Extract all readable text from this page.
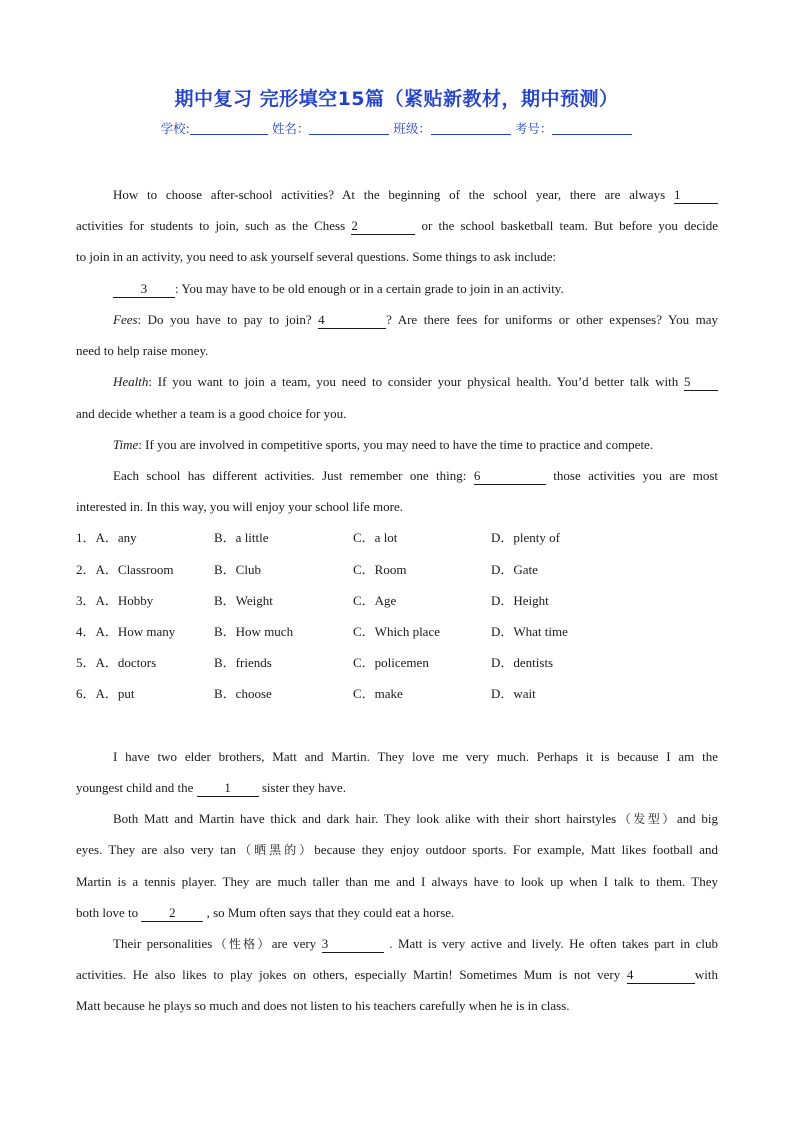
期中复习 完形填空15篇（紧贴新教材，期中预测）
学校:	姓名：	班级：	考号：
How to choose after-school activities? At the beginning of the school year, there are always 1
activities for students to join, such as the Chess 2	or the school basketball team. But before you decide
to join in an activity, you need to ask yourself several questions. Some things to ask include:
3 : You may have to be old enough or in a certain grade to join in an activity.
Fees: Do you have to pay to join? 4	? Are there fees for uniforms or other expenses? You may
need to help raise money.
Health: If you want to join a team, you need to consider your physical health. You’d better talk with 5
and decide whether a team is a good choice for you.
Time: If you are involved in competitive sports, you may need to have the time to practice and compete.
Each school has different activities. Just remember one thing: 6	those activities you are most
interested in. In this way, you will enjoy your school life more.
1．A．any	B．a little	C．a lot	D．plenty of
2．A．Classroom	B．Club	C．Room	D．Gate
3．A．Hobby	B．Weight	C．Age	D．Height
4．A．How many	B．How much	C．Which place	D．What time
5．A．doctors	B．friends	C．policemen	D．dentists
6．A．put	B．choose	C．make	D．wait
I have two elder brothers, Matt and Martin. They love me very much. Perhaps it is because I am the
youngest child and the 1 sister they have.
Both Matt and Martin have thick and dark hair. They look alike with their short hairstyles（发型）and big
eyes. They are also very tan（晒黑的）because they enjoy outdoor sports. For example, Matt likes football and
Martin is a tennis player. They are much taller than me and I always have to look up when I talk to them. They
both love to 2 , so Mum often says that they could eat a horse.
Their personalities（性格）are very 3	. Matt is very active and lively. He often takes part in club
activities. He also likes to play jokes on others, especially Martin! Sometimes Mum is not very 4	with
Matt because he plays so much and does not listen to his teachers carefully when he is in class.
